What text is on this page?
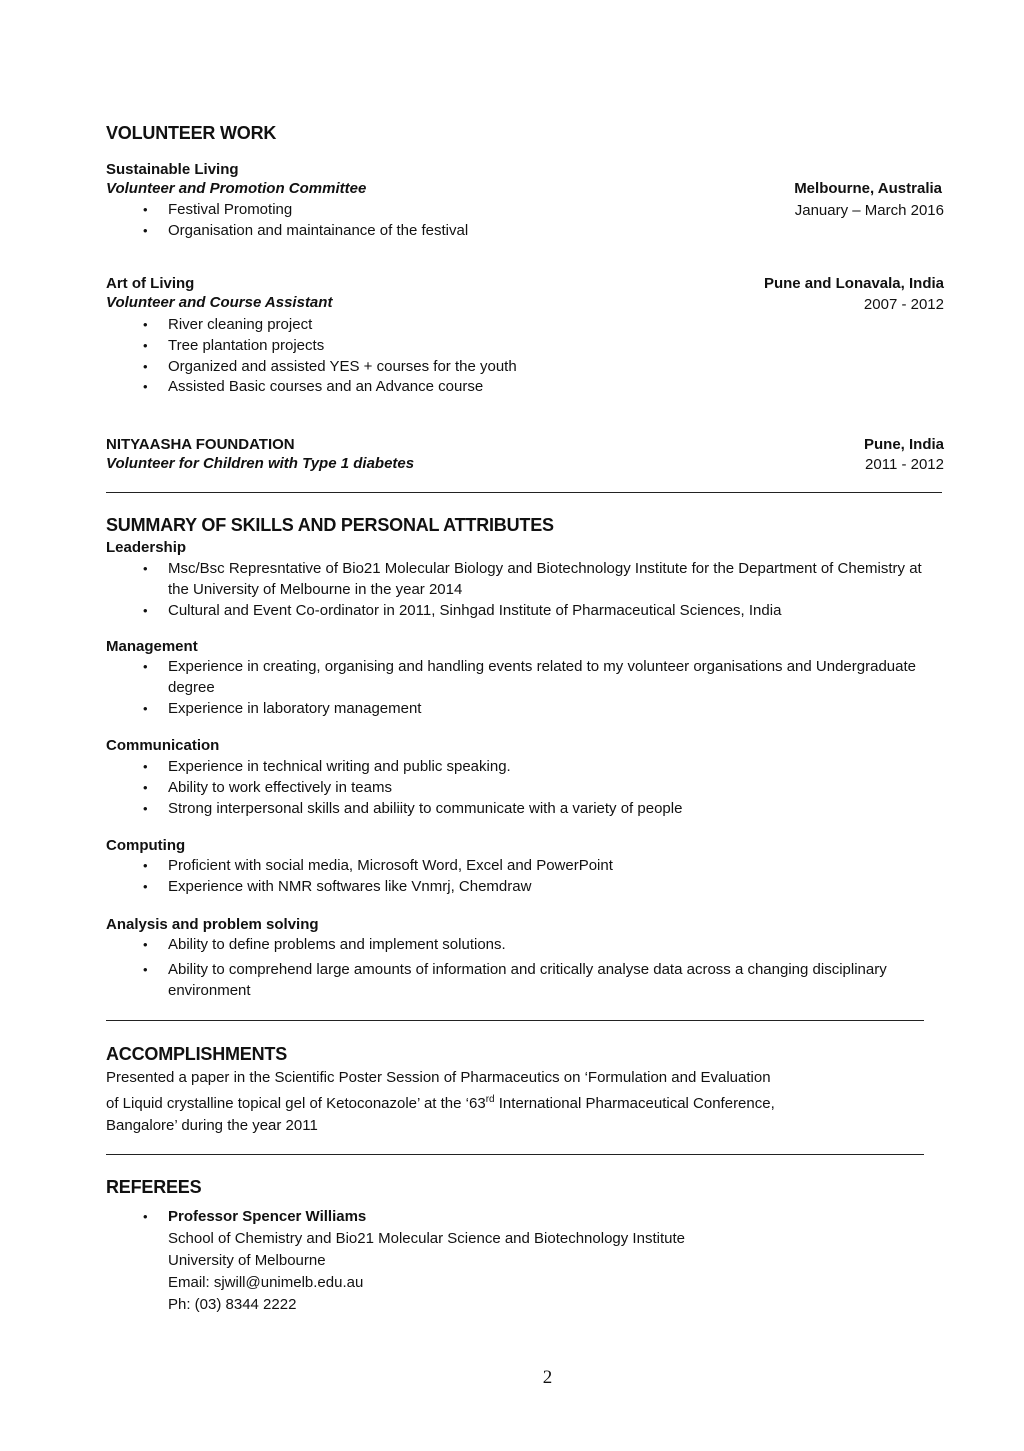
VOLUNTEER WORK
Sustainable Living
Volunteer and Promotion Committee	Melbourne, Australia
January – March 2016
• Festival Promoting
• Organisation and maintainance of the festival
Art of Living	Pune and Lonavala, India
Volunteer and Course Assistant	2007 - 2012
• River cleaning project
• Tree plantation projects
• Organized and assisted YES + courses for the youth
• Assisted Basic courses and an Advance course
NITYAASHA FOUNDATION	Pune, India
Volunteer for Children with Type 1 diabetes	2011 - 2012
SUMMARY OF SKILLS AND PERSONAL ATTRIBUTES
Leadership
• Msc/Bsc Represntative of Bio21 Molecular Biology and Biotechnology Institute for the Department of Chemistry at the University of Melbourne in the year 2014
• Cultural and Event Co-ordinator in 2011, Sinhgad Institute of Pharmaceutical Sciences, India
Management
• Experience in creating, organising and handling events related to my volunteer organisations and Undergraduate degree
• Experience in laboratory management
Communication
• Experience in technical writing and public speaking.
• Ability to work effectively in teams
• Strong interpersonal skills and abiliity to communicate with a variety of people
Computing
• Proficient with social media, Microsoft Word, Excel and PowerPoint
• Experience with NMR softwares like Vnmrj, Chemdraw
Analysis and problem solving
• Ability to define problems and implement solutions.
• Ability to comprehend large amounts of information and critically analyse data across a changing disciplinary environment
ACCOMPLISHMENTS
Presented a paper in the Scientific Poster Session of Pharmaceutics on ‘Formulation and Evaluation
of Liquid crystalline topical gel of Ketoconazole’ at the ‘63rd International Pharmaceutical Conference,
Bangalore’ during the year 2011
REFEREES
• Professor Spencer Williams
School of Chemistry and Bio21 Molecular Science and Biotechnology Institute
University of Melbourne
Email: sjwill@unimelb.edu.au
Ph: (03) 8344 2222
2
